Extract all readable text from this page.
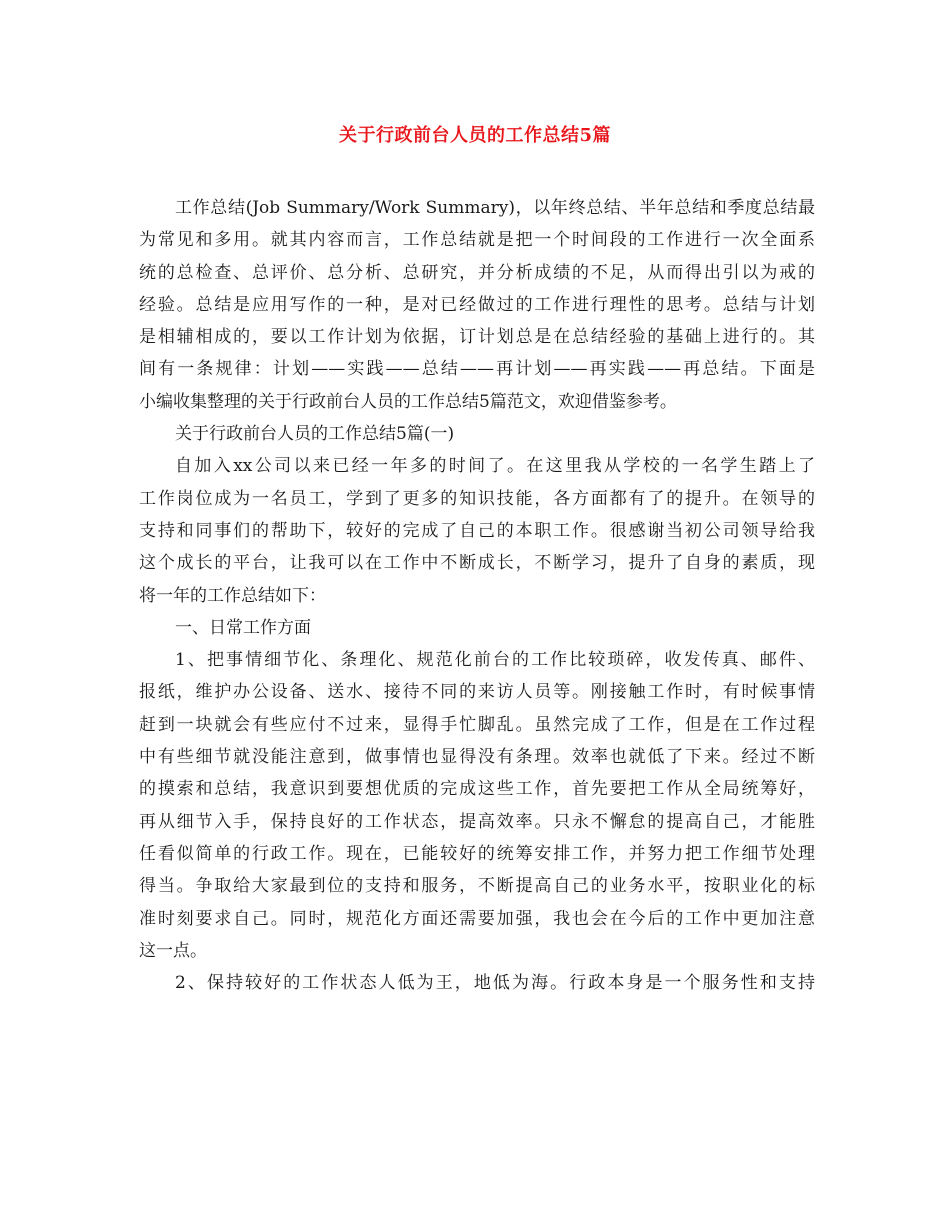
关于行政前台人员的工作总结5篇
工作总结(Job Summary/Work Summary)，以年终总结、半年总结和季度总结最
为常见和多用。就其内容而言，工作总结就是把一个时间段的工作进行一次全面系
统的总检查、总评价、总分析、总研究，并分析成绩的不足，从而得出引以为戒的
经验。总结是应用写作的一种，是对已经做过的工作进行理性的思考。总结与计划
是相辅相成的，要以工作计划为依据，订计划总是在总结经验的基础上进行的。其
间有一条规律：计划——实践——总结——再计划——再实践——再总结。下面是
小编收集整理的关于行政前台人员的工作总结5篇范文，欢迎借鉴参考。
关于行政前台人员的工作总结5篇(一)
自加入xx公司以来已经一年多的时间了。在这里我从学校的一名学生踏上了
工作岗位成为一名员工，学到了更多的知识技能，各方面都有了的提升。在领导的
支持和同事们的帮助下，较好的完成了自己的本职工作。很感谢当初公司领导给我
这个成长的平台，让我可以在工作中不断成长，不断学习，提升了自身的素质，现
将一年的工作总结如下：
一、日常工作方面
1、把事情细节化、条理化、规范化前台的工作比较琐碎，收发传真、邮件、
报纸，维护办公设备、送水、接待不同的来访人员等。刚接触工作时，有时候事情
赶到一块就会有些应付不过来，显得手忙脚乱。虽然完成了工作，但是在工作过程
中有些细节就没能注意到，做事情也显得没有条理。效率也就低了下来。经过不断
的摸索和总结，我意识到要想优质的完成这些工作，首先要把工作从全局统筹好，
再从细节入手，保持良好的工作状态，提高效率。只永不懈怠的提高自己，才能胜
任看似简单的行政工作。现在，已能较好的统筹安排工作，并努力把工作细节处理
得当。争取给大家最到位的支持和服务，不断提高自己的业务水平，按职业化的标
准时刻要求自己。同时，规范化方面还需要加强，我也会在今后的工作中更加注意
这一点。
2、保持较好的工作状态人低为王，地低为海。行政本身是一个服务性和支持
